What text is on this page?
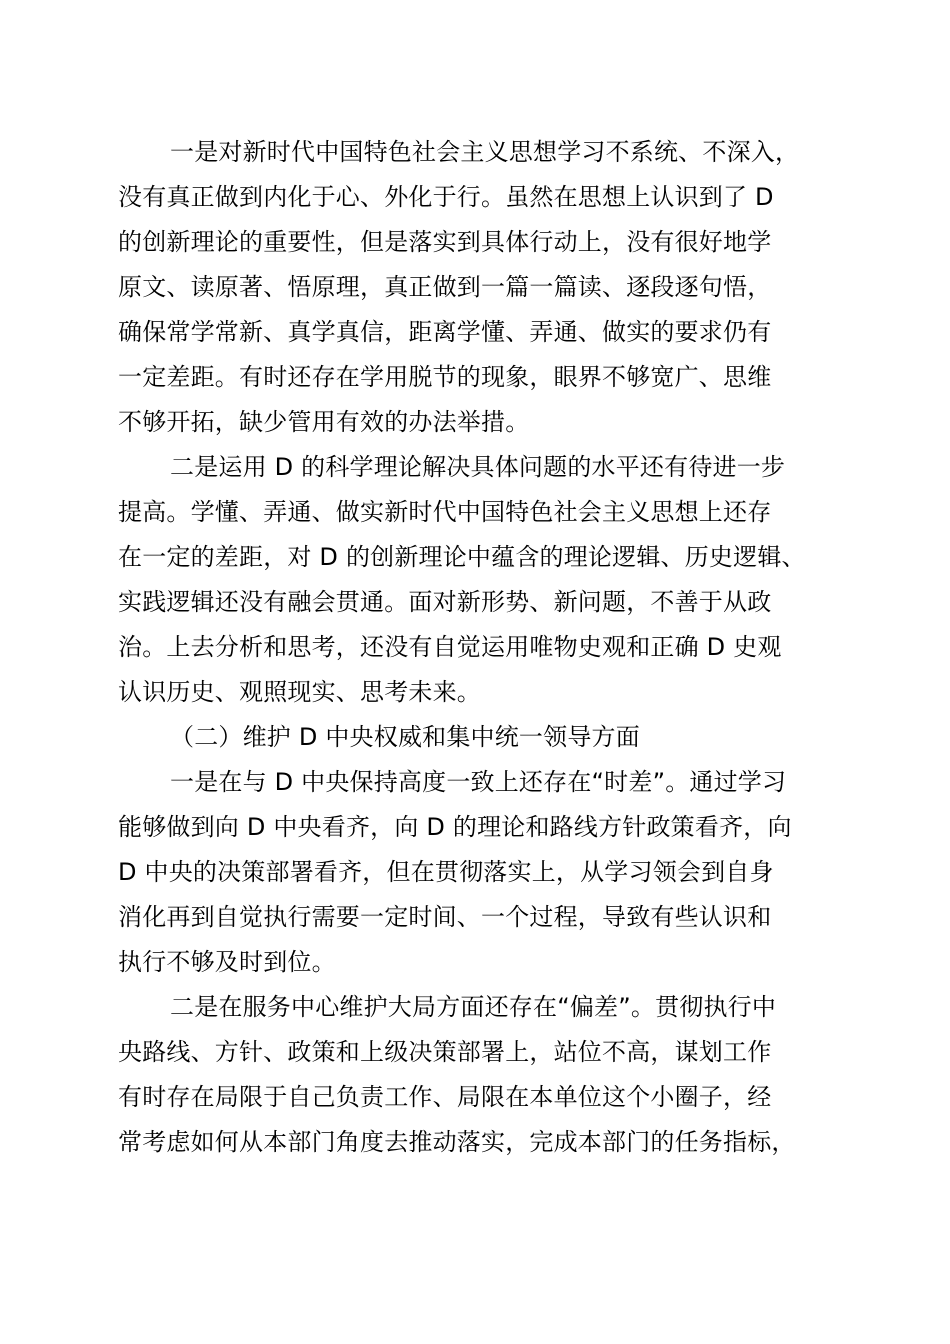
一是对新时代中国特色社会主义思想学习不系统、不深入，
没有真正做到内化于心、外化于行。虽然在思想上认识到了 D
的创新理论的重要性，但是落实到具体行动上，没有很好地学
原文、读原著、悟原理，真正做到一篇一篇读、逐段逐句悟，
确保常学常新、真学真信，距离学懂、弄通、做实的要求仍有
一定差距。有时还存在学用脱节的现象，眼界不够宽广、思维
不够开拓，缺少管用有效的办法举措。
二是运用 D 的科学理论解决具体问题的水平还有待进一步
提高。学懂、弄通、做实新时代中国特色社会主义思想上还存
在一定的差距，对 D 的创新理论中蕴含的理论逻辑、历史逻辑、
实践逻辑还没有融会贯通。面对新形势、新问题，不善于从政
治。上去分析和思考，还没有自觉运用唯物史观和正确 D 史观
认识历史、观照现实、思考未来。
（二）维护 D 中央权威和集中统一领导方面
一是在与 D 中央保持高度一致上还存在“时差”。通过学习
能够做到向 D 中央看齐，向 D 的理论和路线方针政策看齐，向
D 中央的决策部署看齐，但在贯彻落实上，从学习领会到自身
消化再到自觉执行需要一定时间、一个过程，导致有些认识和
执行不够及时到位。
二是在服务中心维护大局方面还存在“偏差”。贯彻执行中
央路线、方针、政策和上级决策部署上，站位不高，谋划工作
有时存在局限于自己负责工作、局限在本单位这个小圈子，经
常考虑如何从本部门角度去推动落实，完成本部门的任务指标，
